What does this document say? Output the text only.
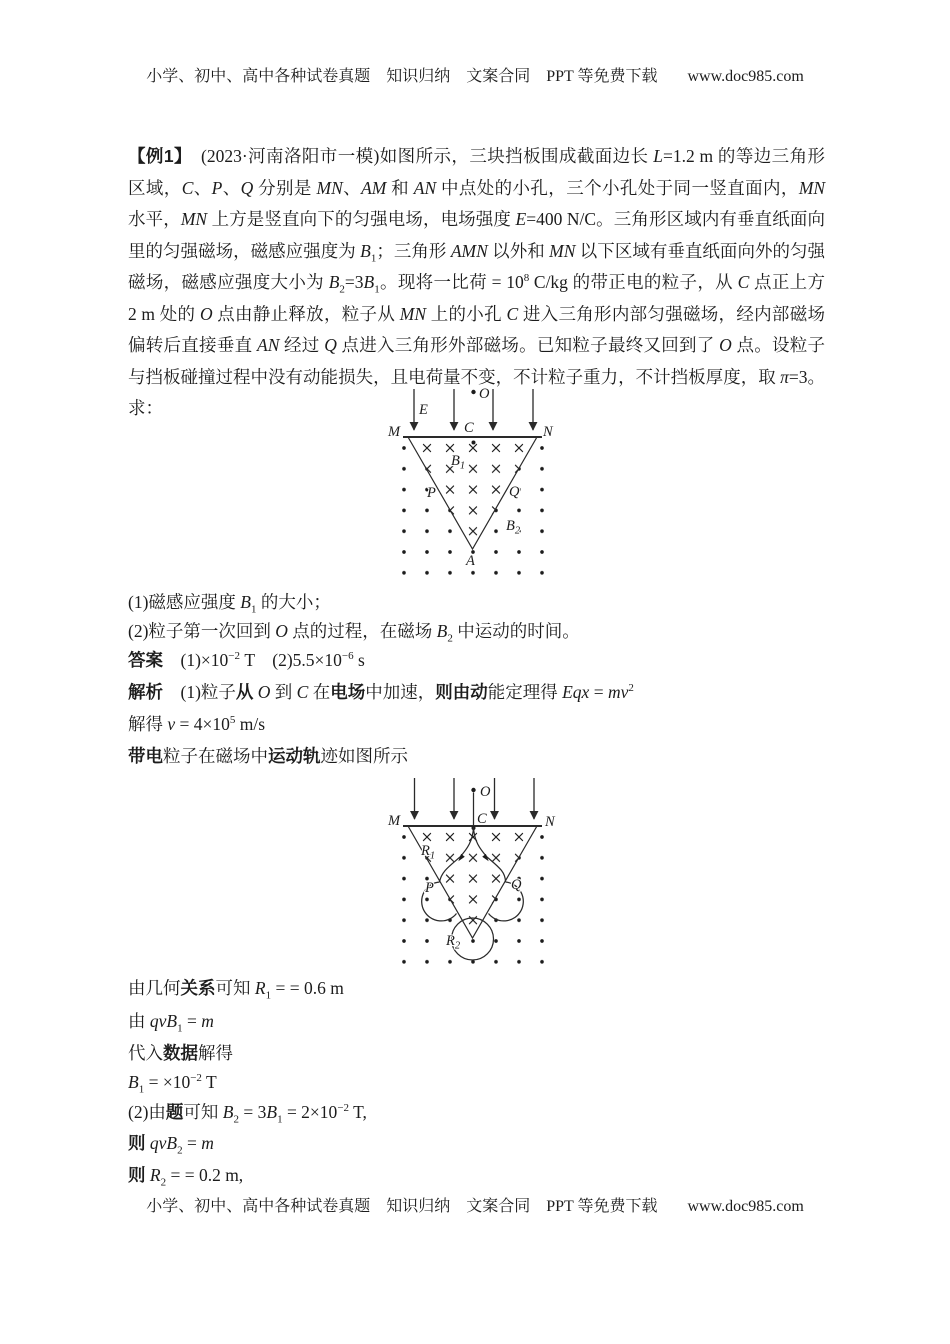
小学、初中、高中各种试卷真题　知识归纳　文案合同　PPT 等免费下载 www.doc985.com
【例1】　(2023·河南洛阳市一模)如图所示，三块挡板围成截面边长 L=1.2 m 的等边三角形区域，C、P、Q 分别是 MN、AM 和 AN 中点处的小孔，三个小孔处于同一竖直面内，MN 水平，MN 上方是竖直向下的匀强电场，电场强度 E=400 N/C。三角形区域内有垂直纸面向里的匀强磁场，磁感应强度为 $B_1$；三角形 AMN 以外和 MN 以下区域有垂直纸面向外的匀强磁场，磁感应强度大小为 $B_2=3B_1$。现将一比荷 = $10^8$ C/kg 的带正电的粒子，从 C 点正上方 2 m 处的 O 点由静止释放，粒子从 MN 上的小孔 C 进入三角形内部匀强磁场，经内部磁场偏转后直接垂直 AN 经过 Q 点进入三角形外部磁场。已知粒子最终又回到了 O 点。设粒子与挡板碰撞过程中没有动能损失，且电荷量不变，不计粒子重力，不计挡板厚度，取 π=3。求：	E
O
M	N
C
$B_1$
P	Q
$B_2$
A
(1)磁感应强度 $B_1$ 的大小；
(2)粒子第一次回到 O 点的过程，在磁场 $B_2$ 中运动的时间。
答案　$(1)\times 10^{-2}$ T　$(2)5.5\times 10^{-6}$ s
解析　(1)粒子从 O 到 C 在电场中加速，则由动能定理得 Eqx = $mv^2$
解得 $v = 4\times 10^5$ m/s
带电粒子在磁场中运动轨迹如图所示
O
M	N
C
$R_1$
P	Q
$R_2$
由几何关系可知 $R_1$ = = 0.6 m
由 qvB$_1$ = m
代入数据解得
$B_1 = \times 10^{-2}$ T
(2)由题可知 $B_2 = 3B_1 = 2\times 10^{-2}$ T,
则 qvB$_2$ = m
则 $R_2$ = = 0.2 m,
小学、初中、高中各种试卷真题　知识归纳　文案合同　PPT 等免费下载 www.doc985.com
